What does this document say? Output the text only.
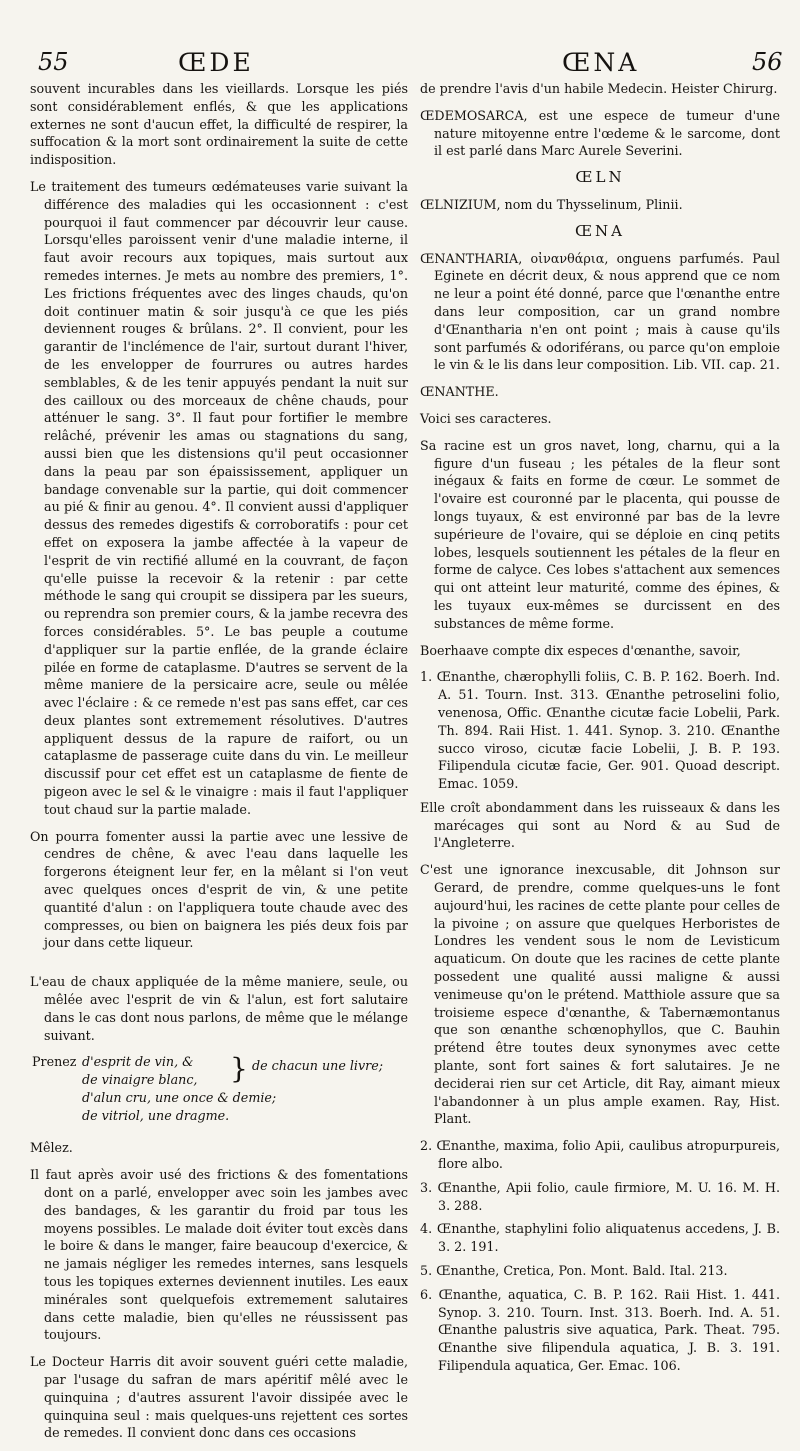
55	ŒDE	ŒNA	56

souvent incurables dans les vieillards. Lorsque les piés sont considérablement enflés, & que les applications externes ne sont d'aucun effet, la difficulté de respirer, la suffocation & la mort sont ordinairement la suite de cette indisposition.

Le traitement des tumeurs œdémateuses varie suivant la différence des maladies qui les occasionnent : c'est pourquoi il faut commencer par découvrir leur cause. Lorsqu'elles paroissent venir d'une maladie interne, il faut avoir recours aux topiques, mais surtout aux remedes internes. Je mets au nombre des premiers, 1°. Les frictions fréquentes avec des linges chauds, qu'on doit continuer matin & soir jusqu'à ce que les piés deviennent rouges & brûlans. 2°. Il convient, pour les garantir de l'inclémence de l'air, surtout durant l'hiver, de les envelopper de fourrures ou autres hardes semblables, & de les tenir appuyés pendant la nuit sur des cailloux ou des morceaux de chêne chauds, pour atténuer le sang. 3°. Il faut pour fortifier le membre relâché, prévenir les amas ou stagnations du sang, aussi bien que les distensions qu'il peut occasionner dans la peau par son épaississement, appliquer un bandage convenable sur la partie, qui doit commencer au pié & finir au genou. 4°. Il convient aussi d'appliquer dessus des remedes digestifs & corroboratifs : pour cet effet on exposera la jambe affectée à la vapeur de l'esprit de vin rectifié allumé en la couvrant, de façon qu'elle puisse la recevoir & la retenir : par cette méthode le sang qui croupit se dissipera par les sueurs, ou reprendra son premier cours, & la jambe recevra des forces considérables. 5°. Le bas peuple a coutume d'appliquer sur la partie enflée, de la grande éclaire pilée en forme de cataplasme. D'autres se servent de la même maniere de la persicaire acre, seule ou mêlée avec l'éclaire : & ce remede n'est pas sans effet, car ces deux plantes sont extremement résolutives. D'autres appliquent dessus de la rapure de raifort, ou un cataplasme de passerage cuite dans du vin. Le meilleur discussif pour cet effet est un cataplasme de fiente de pigeon avec le sel & le vinaigre : mais il faut l'appliquer tout chaud sur la partie malade.

On pourra fomenter aussi la partie avec une lessive de cendres de chêne, & avec l'eau dans laquelle les forgerons éteignent leur fer, en la mêlant si l'on veut avec quelques onces d'esprit de vin, & une petite quantité d'alun : on l'appliquera toute chaude avec des compresses, ou bien on baignera les piés deux fois par jour dans cette liqueur.

L'eau de chaux appliquée de la même maniere, seule, ou mêlée avec l'esprit de vin & l'alun, est fort salutaire dans le cas dont nous parlons, de même que le mélange suivant.

Prenez d'esprit de vin, &
de vinaigre blanc,
d'alun cru, une once & demie;
de vitriol, une dragme.
} de chacun une livre;

Mêlez.

Il faut après avoir usé des frictions & des fomentations dont on a parlé, envelopper avec soin les jambes avec des bandages, & les garantir du froid par tous les moyens possibles. Le malade doit éviter tout excès dans le boire & dans le manger, faire beaucoup d'exercice, & ne jamais négliger les remedes internes, sans lesquels tous les topiques externes deviennent inutiles. Les eaux minérales sont quelquefois extremement salutaires dans cette maladie, bien qu'elles ne réussissent pas toujours.

Le Docteur Harris dit avoir souvent guéri cette maladie, par l'usage du safran de mars apéritif mêlé avec le quinquina ; d'autres assurent l'avoir dissipée avec le quinquina seul : mais quelques-uns rejettent ces sortes de remedes. Il convient donc dans ces occasions

de prendre l'avis d'un habile Medecin. Heister Chirurg.

ŒDEMOSARCA, est une espece de tumeur d'une nature mitoyenne entre l'œdeme & le sarcome, dont il est parlé dans Marc Aurele Severini.

ŒLN

ŒLNIZIUM, nom du Thysselinum, Plinii.

ŒNA

ŒNANTHARIA, οἰνανθάρια, onguens parfumés. Paul Eginete en décrit deux, & nous apprend que ce nom ne leur a point été donné, parce que l'œnanthe entre dans leur composition, car un grand nombre d'Œnantharia n'en ont point ; mais à cause qu'ils sont parfumés & odoriférans, ou parce qu'on emploie le vin & le lis dans leur composition. Lib. VII. cap. 21.

ŒNANTHE.

Voici ses caracteres.

Sa racine est un gros navet, long, charnu, qui a la figure d'un fuseau ; les pétales de la fleur sont inégaux & faits en forme de cœur. Le sommet de l'ovaire est couronné par le placenta, qui pousse de longs tuyaux, & est environné par bas de la levre supérieure de l'ovaire, qui se déploie en cinq petits lobes, lesquels soutiennent les pétales de la fleur en forme de calyce. Ces lobes s'attachent aux semences qui ont atteint leur maturité, comme des épines, & les tuyaux eux-mêmes se durcissent en des substances de même forme.

Boerhaave compte dix especes d'œnanthe, savoir,

1. Œnanthe, chærophylli foliis, C. B. P. 162. Boerh. Ind. A. 51. Tourn. Inst. 313. Œnanthe petroselini folio, venenosa, Offic. Œnanthe cicutæ facie Lobelii, Park. Th. 894. Raii Hist. 1. 441. Synop. 3. 210. Œnanthe succo viroso, cicutæ facie Lobelii, J. B. P. 193. Filipendula cicutæ facie, Ger. 901. Quoad descript. Emac. 1059.

Elle croît abondamment dans les ruisseaux & dans les marécages qui sont au Nord & au Sud de l'Angleterre.

C'est une ignorance inexcusable, dit Johnson sur Gerard, de prendre, comme quelques-uns le font aujourd'hui, les racines de cette plante pour celles de la pivoine ; on assure que quelques Herboristes de Londres les vendent sous le nom de Levisticum aquaticum. On doute que les racines de cette plante possedent une qualité aussi maligne & aussi venimeuse qu'on le prétend. Matthiole assure que sa troisieme espece d'œnanthe, & Tabernæmontanus que son œnanthe schœnophyllos, que C. Bauhin prétend être toutes deux synonymes avec cette plante, sont fort saines & fort salutaires. Je ne deciderai rien sur cet Article, dit Ray, aimant mieux l'abandonner à un plus ample examen. Ray, Hist. Plant.

2. Œnanthe, maxima, folio Apii, caulibus atropurpureis, flore albo.
3. Œnanthe, Apii folio, caule firmiore, M. U. 16. M. H. 3. 288.
4. Œnanthe, staphylini folio aliquatenus accedens, J. B. 3. 2. 191.
5. Œnanthe, Cretica, Pon. Mont. Bald. Ital. 213.
6. Œnanthe, aquatica, C. B. P. 162. Raii Hist. 1. 441. Synop. 3. 210. Tourn. Inst. 313. Boerh. Ind. A. 51. Œnanthe palustris sive aquatica, Park. Theat. 795. Œnanthe sive filipendula aquatica, J. B. 3. 191. Filipendula aquatica, Ger. Emac. 106.
